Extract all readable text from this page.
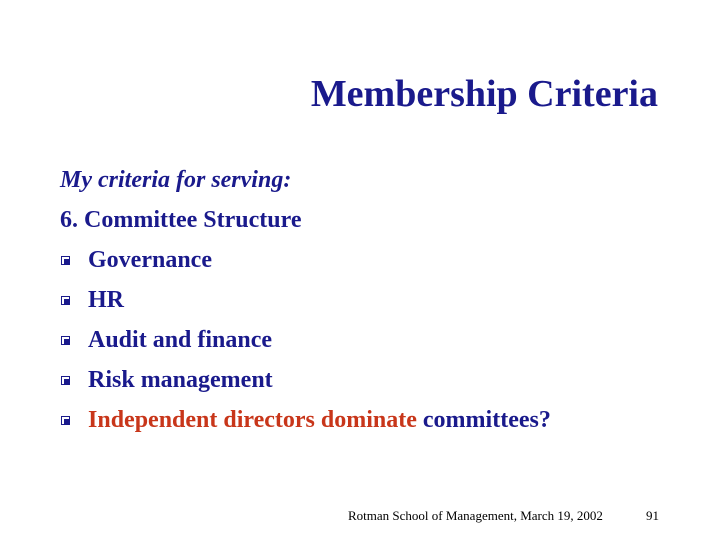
Membership Criteria
My criteria for serving:
6. Committee Structure
Governance
HR
Audit and finance
Risk management
Independent directors dominate committees?
Rotman School of Management, March 19, 2002	91
